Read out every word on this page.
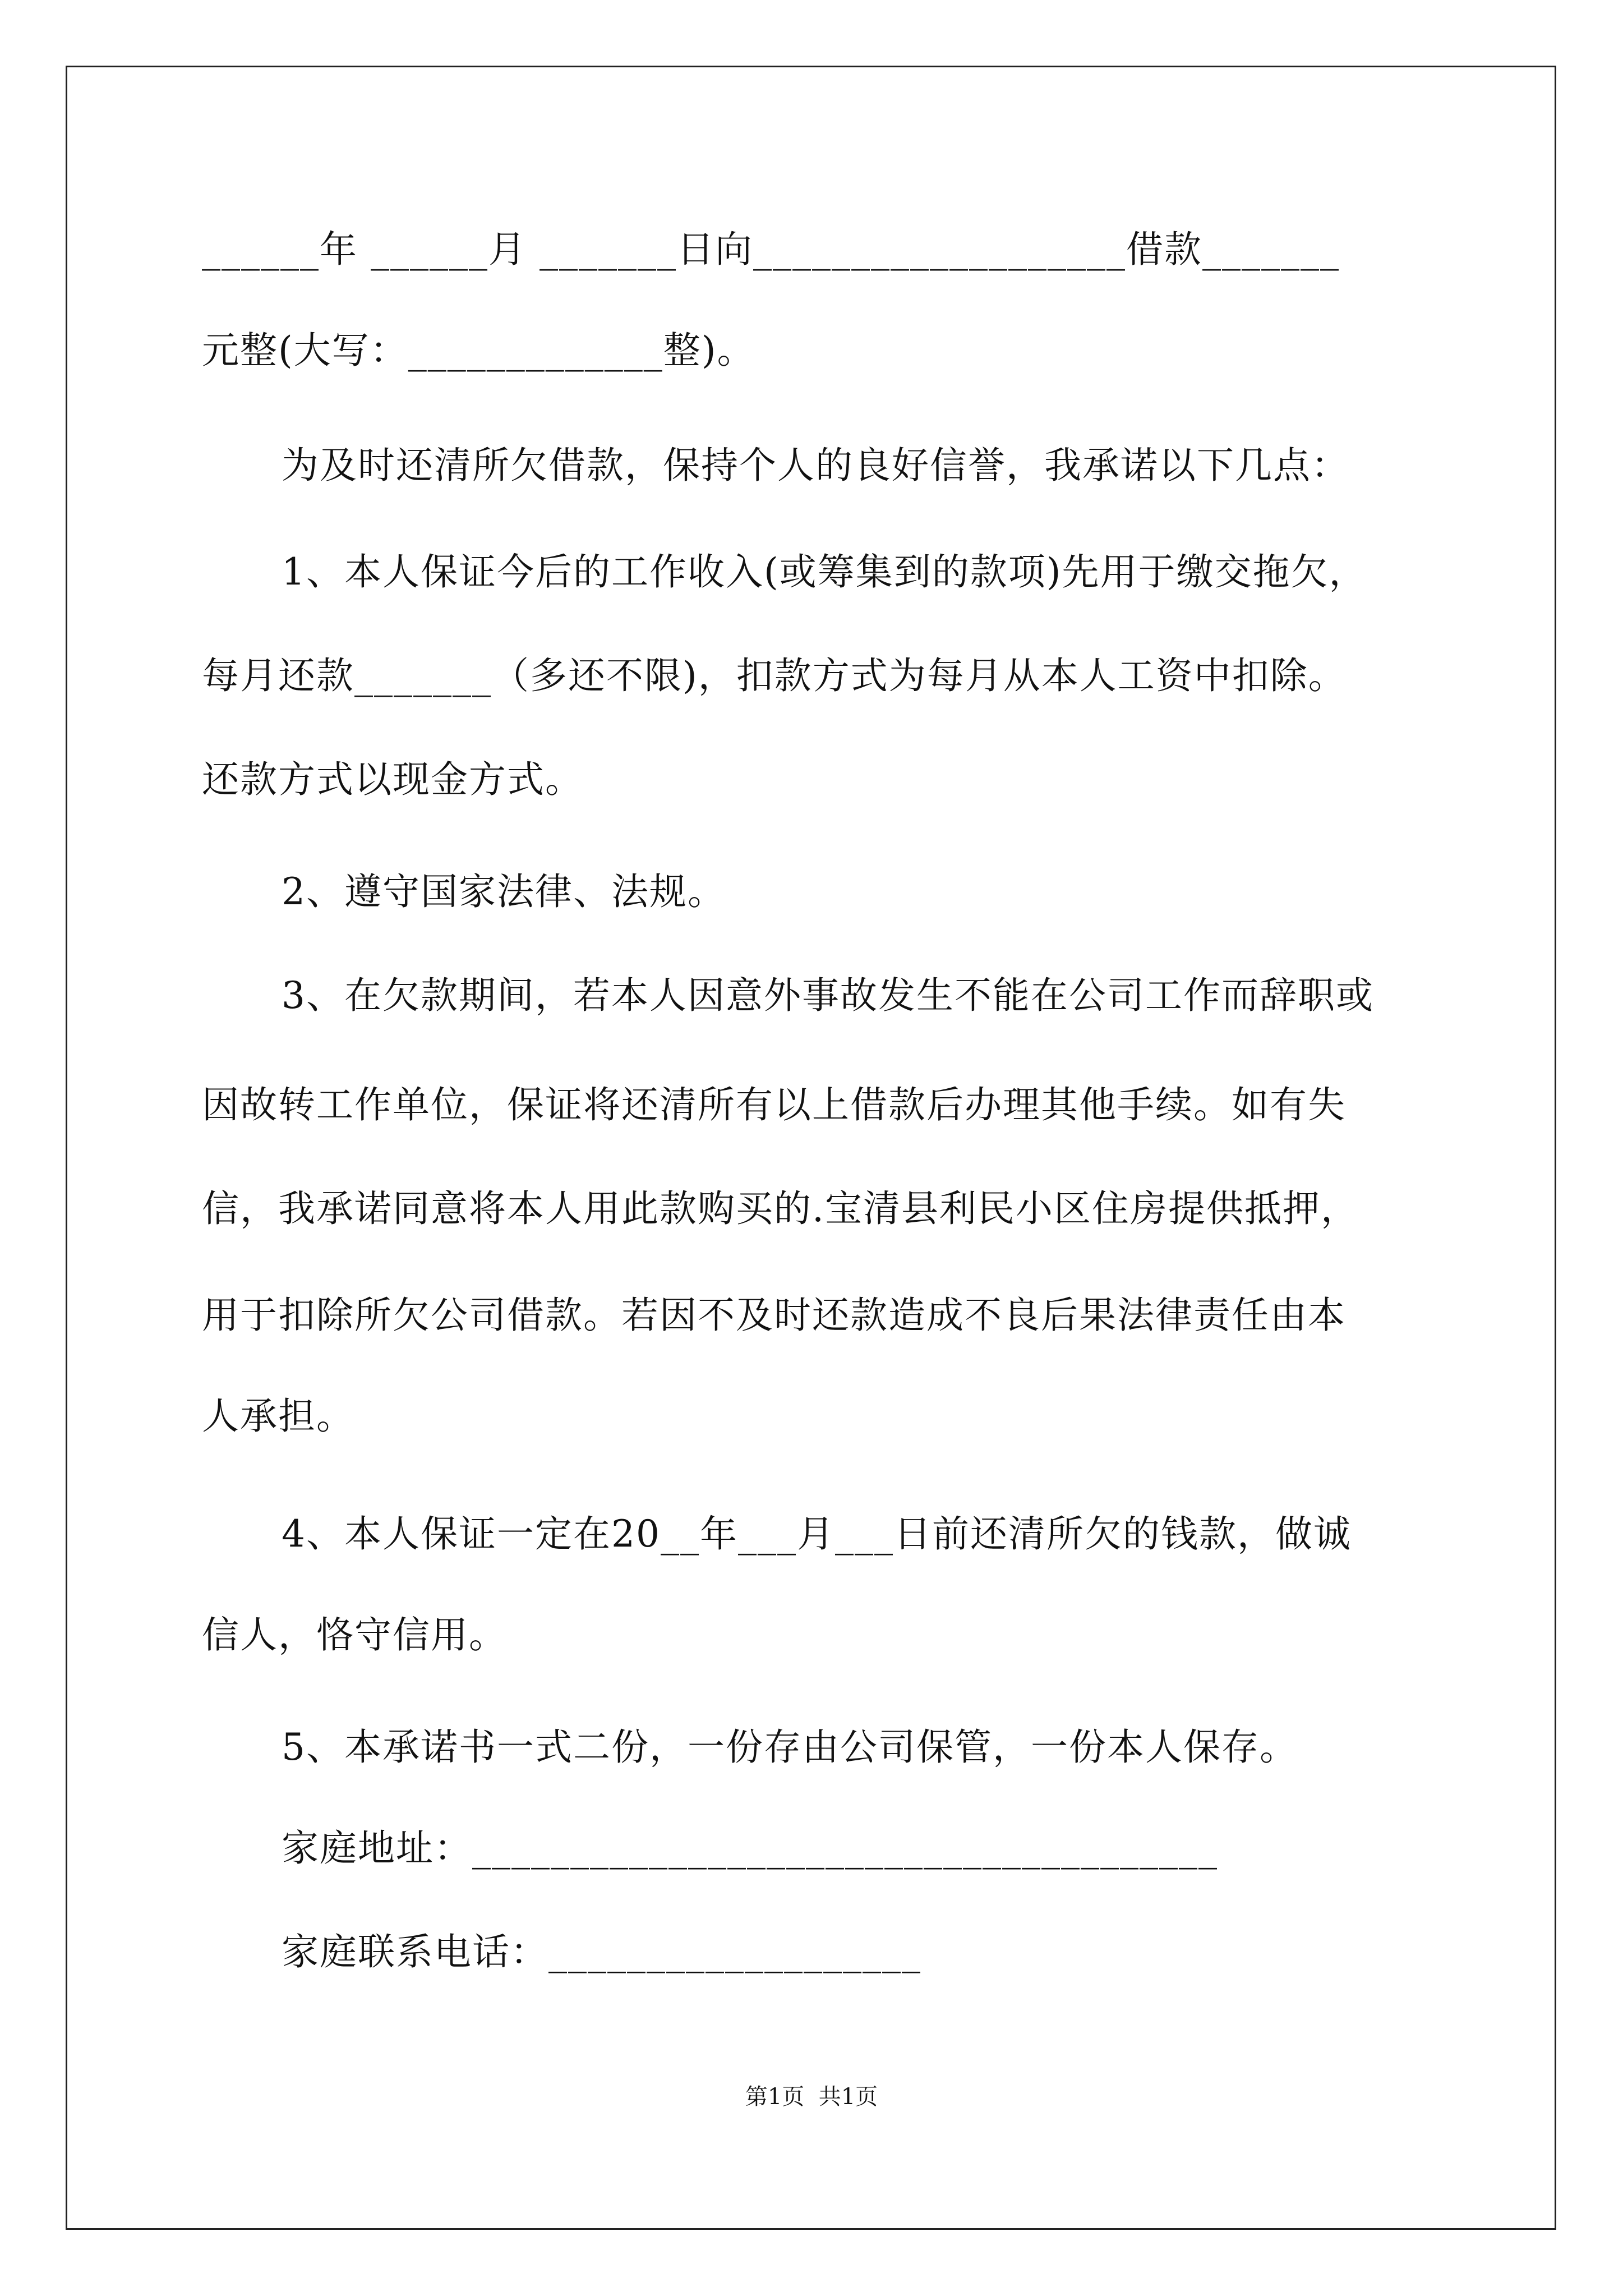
______年 ______月 _______日向___________________借款_______
元整(大写：_____________整)。
为及时还清所欠借款，保持个人的良好信誉，我承诺以下几点：
1、本人保证今后的工作收入(或筹集到的款项)先用于缴交拖欠，
每月还款_______（多还不限)，扣款方式为每月从本人工资中扣除。
还款方式以现金方式。
2、遵守国家法律、法规。
3、在欠款期间，若本人因意外事故发生不能在公司工作而辞职或
因故转工作单位，保证将还清所有以上借款后办理其他手续。如有失
信，我承诺同意将本人用此款购买的.宝清县利民小区住房提供抵押，
用于扣除所欠公司借款。若因不及时还款造成不良后果法律责任由本
人承担。
4、本人保证一定在20__年___月___日前还清所欠的钱款，做诚
信人，恪守信用。
5、本承诺书一式二份，一份存由公司保管，一份本人保存。
家庭地址：______________________________________
家庭联系电话：___________________
第1页  共1页
